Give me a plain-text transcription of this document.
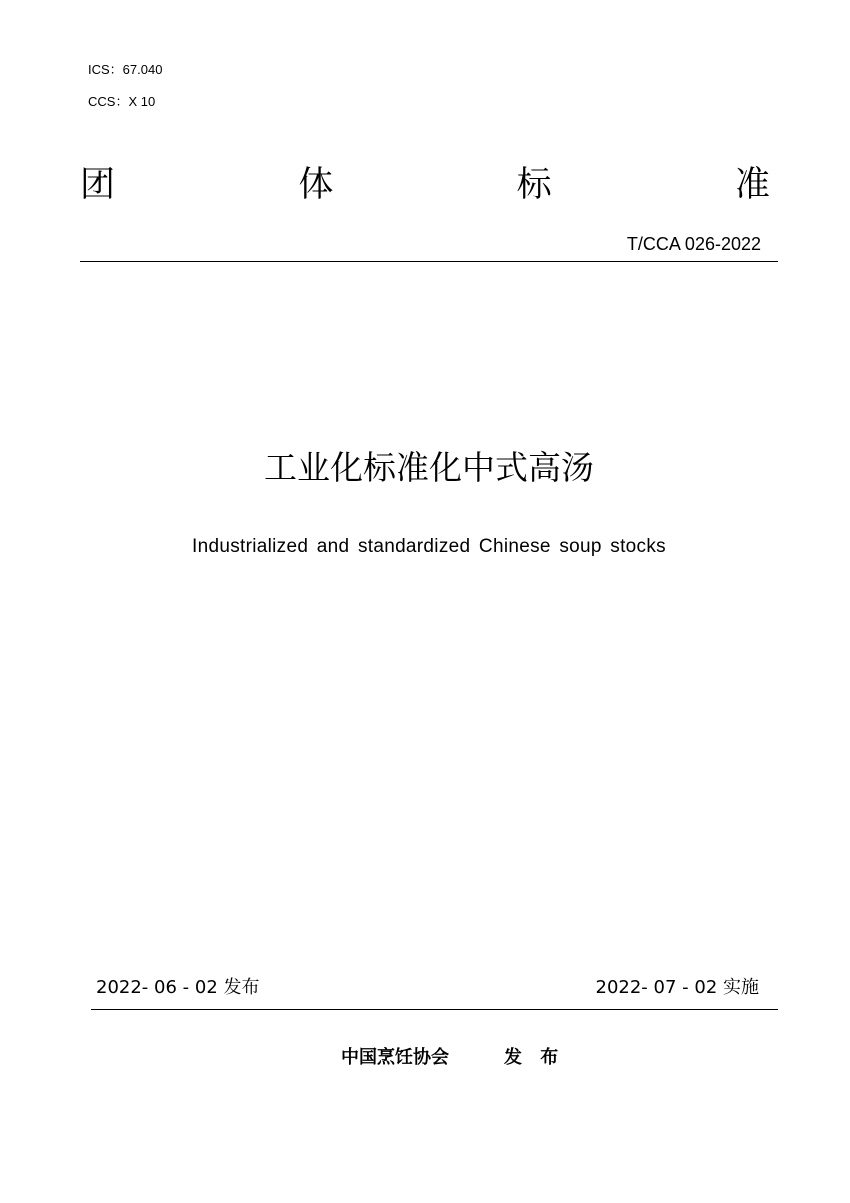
ICS：67.040
CCS：X 10
团	体	标	准
T/CCA 026-2022
工业化标准化中式高汤
Industrialized and standardized Chinese soup stocks
2022- 06 - 02 发布	2022- 07 - 02 实施
中国烹饪协会	发 布
